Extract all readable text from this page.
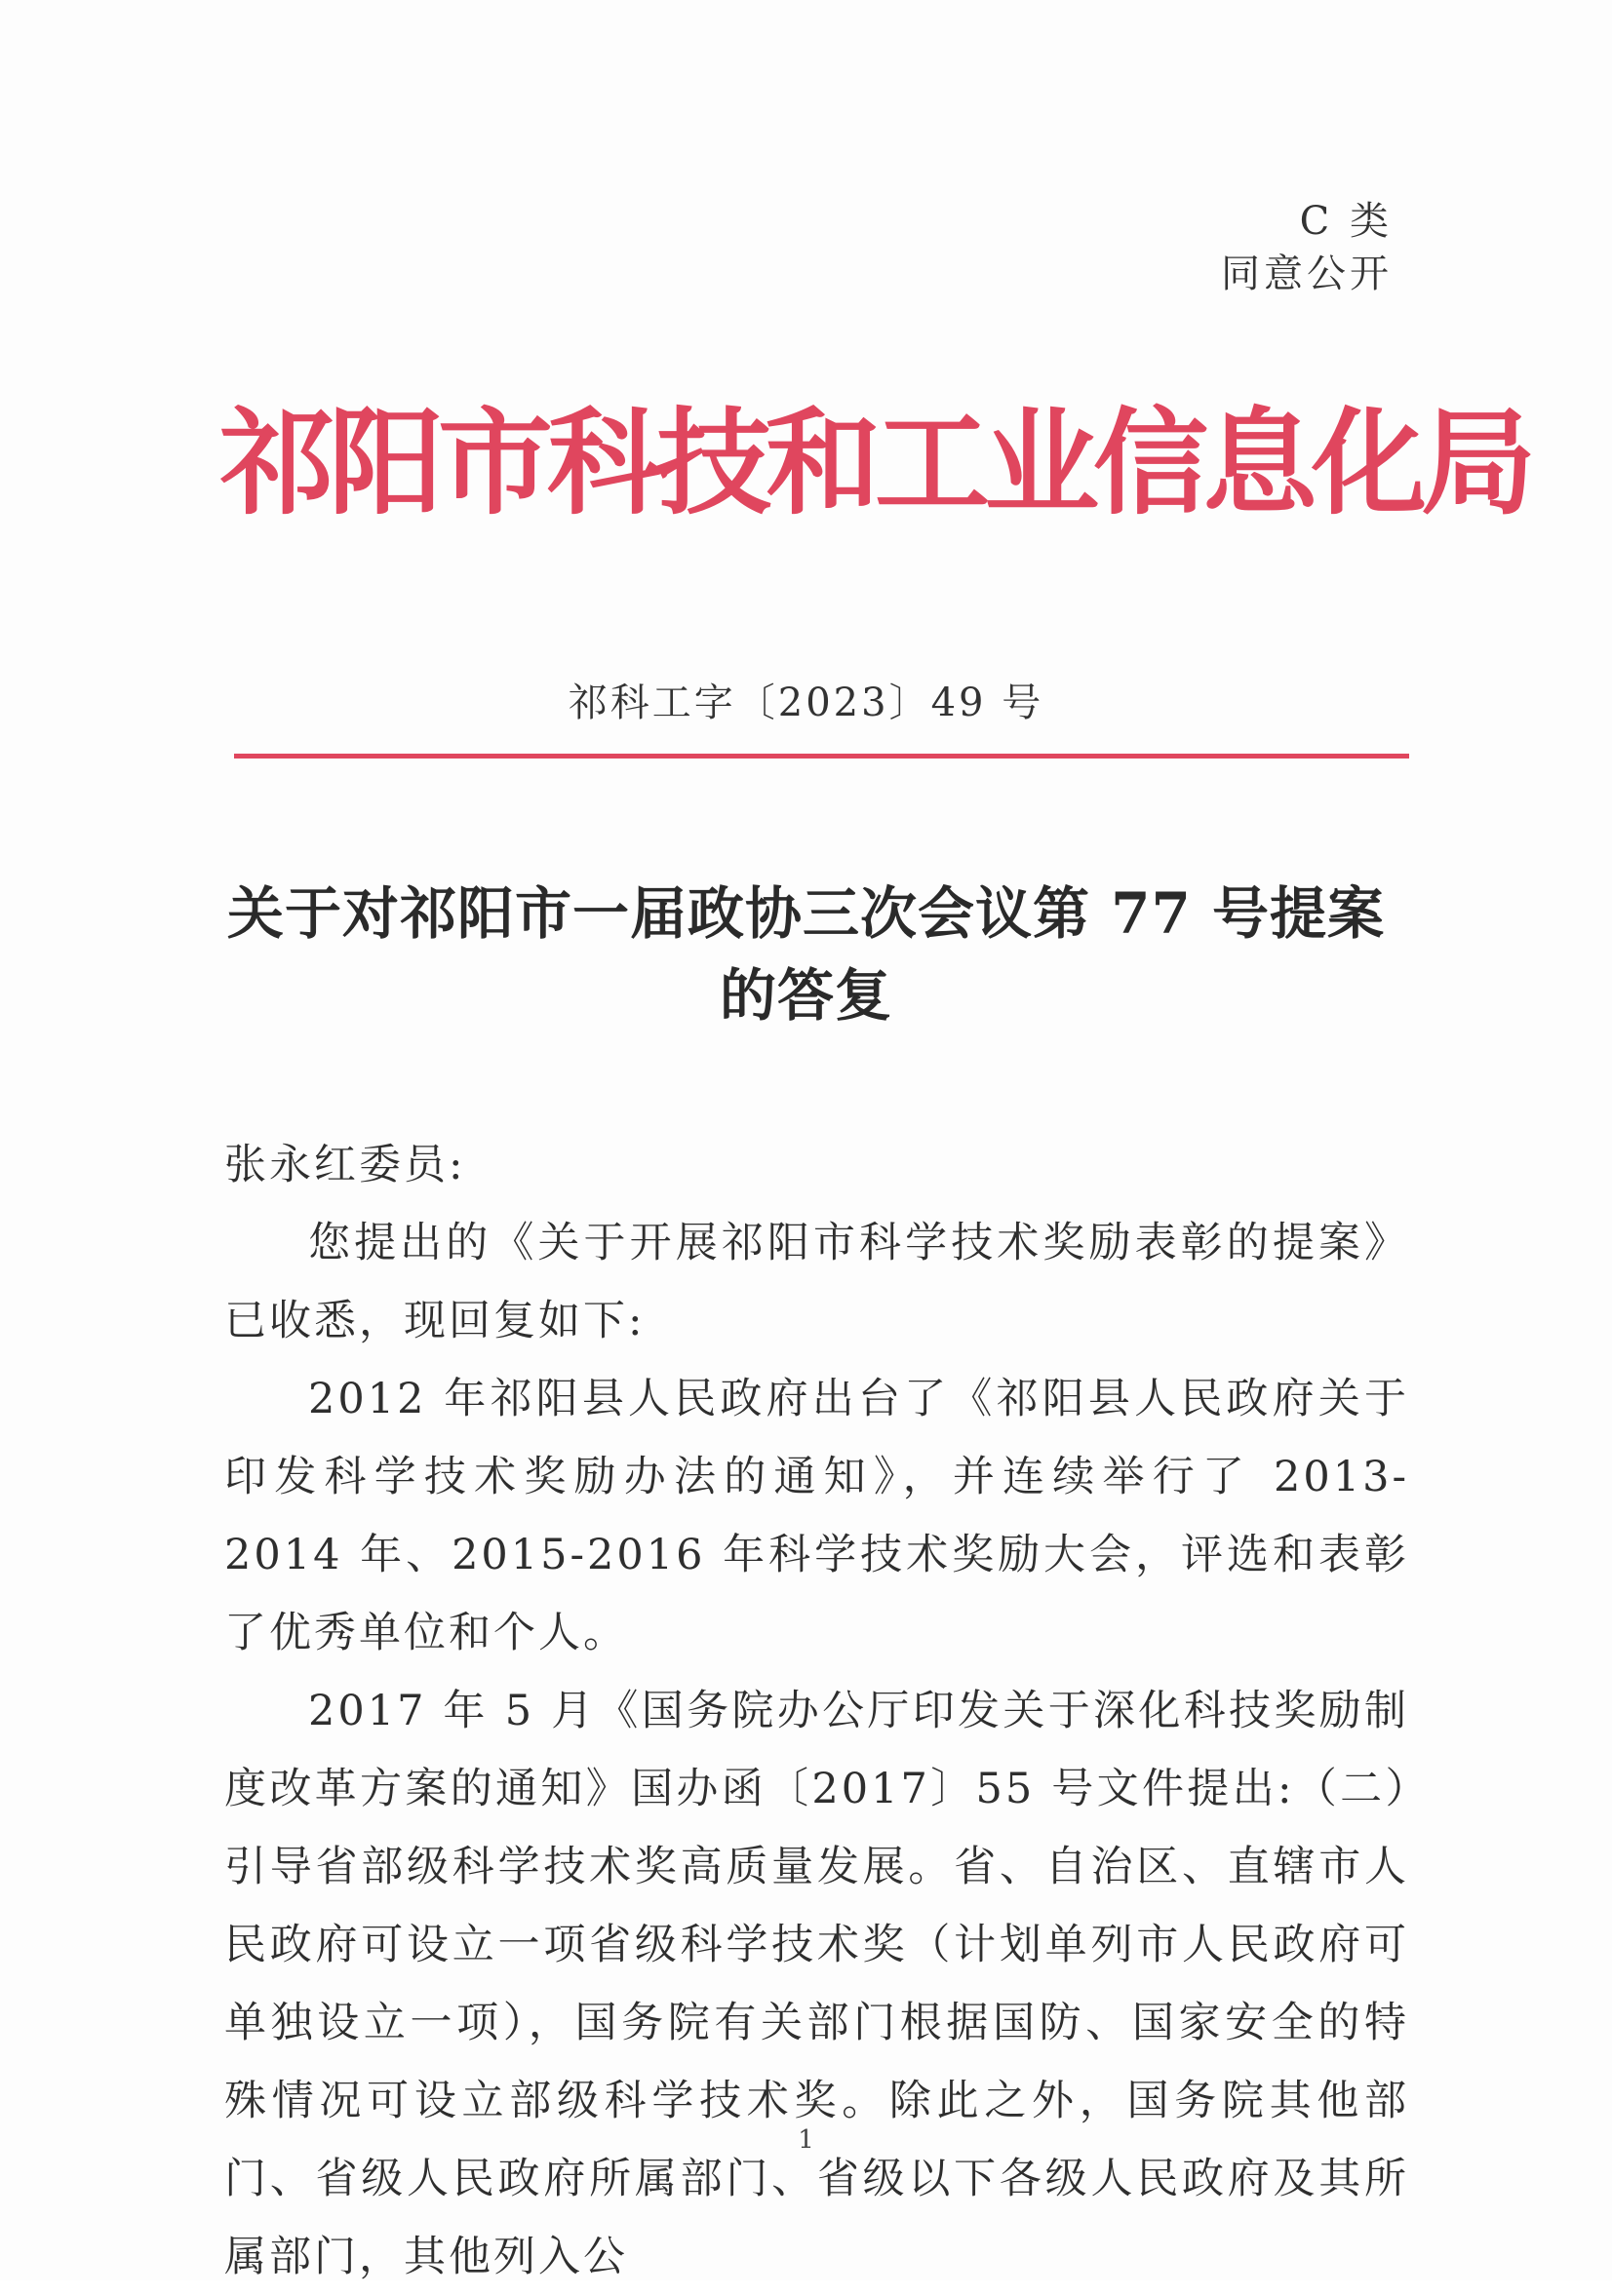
C 类
同意公开
祁阳市科技和工业信息化局
祁科工字〔2023〕49 号
关于对祁阳市一届政协三次会议第 77 号提案
的答复

张永红委员:

您提出的《关于开展祁阳市科学技术奖励表彰的提案》已收悉，现回复如下:

2012 年祁阳县人民政府出台了《祁阳县人民政府关于印发科学技术奖励办法的通知》，并连续举行了 2013-2014 年、2015-2016 年科学技术奖励大会，评选和表彰了优秀单位和个人。

2017 年 5 月《国务院办公厅印发关于深化科技奖励制度改革方案的通知》国办函〔2017〕55 号文件提出:（二）引导省部级科学技术奖高质量发展。省、自治区、直辖市人民政府可设立一项省级科学技术奖（计划单列市人民政府可单独设立一项），国务院有关部门根据国防、国家安全的特殊情况可设立部级科学技术奖。除此之外，国务院其他部门、省级人民政府所属部门、省级以下各级人民政府及其所属部门，其他列入公

1
